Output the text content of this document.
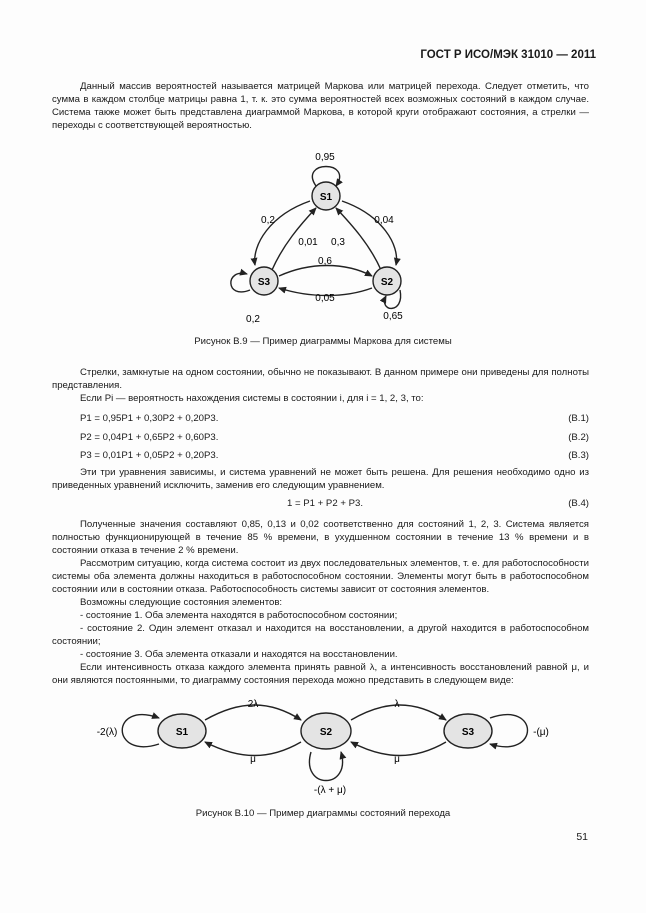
ГОСТ Р ИСО/МЭК 31010 — 2011
Данный массив вероятностей называется матрицей Маркова или матрицей перехода. Следует отметить, что сумма в каждом столбце матрицы равна 1, т. к. это сумма вероятностей всех возможных состояний в каждом случае. Система также может быть представлена диаграммой Маркова, в которой круги отображают состояния, а стрелки — переходы с соответствующей вероятностью.
S1
S2
S3
0,95
0,2	0,04
0,01 0,3
0,6
0,05
0,2	0,65
Рисунок В.9 — Пример диаграммы Маркова для системы
Стрелки, замкнутые на одном состоянии, обычно не показывают. В данном примере они приведены для полноты представления.
Если Pi — вероятность нахождения системы в состоянии i, для i = 1, 2, 3, то:
P1 = 0,95P1 + 0,30P2 + 0,20P3.	(В.1)
P2 = 0,04P1 + 0,65P2 + 0,60P3.	(В.2)
P3 = 0,01P1 + 0,05P2 + 0,20P3.	(В.3)
Эти три уравнения зависимы, и система уравнений не может быть решена. Для решения необходимо одно из приведенных уравнений исключить, заменив его следующим уравнением.
1 = P1 + P2 + P3.	(В.4)
Полученные значения составляют 0,85, 0,13 и 0,02 соответственно для состояний 1, 2, 3. Система является полностью функционирующей в течение 85 % времени, в ухудшенном состоянии в течение 13 % времени и в состоянии отказа в течение 2 % времени.
Рассмотрим ситуацию, когда система состоит из двух последовательных элементов, т. е. для работоспособности системы оба элемента должны находиться в работоспособном состоянии. Элементы могут быть в работоспособном состоянии или в состоянии отказа. Работоспособность системы зависит от состояния элементов.
Возможны следующие состояния элементов:
- состояние 1. Оба элемента находятся в работоспособном состоянии;
- состояние 2. Один элемент отказал и находится на восстановлении, а другой находится в работоспособном состоянии;
- состояние 3. Оба элемента отказали и находятся на восстановлении.
Если интенсивность отказа каждого элемента принять равной λ, а интенсивность восстановлений равной μ, и они являются постоянными, то диаграмму состояния перехода можно представить в следующем виде:
S1	S2	S3
-2(λ)
2λ
μ
λ
μ
-(λ + μ)
-(μ)
Рисунок В.10 — Пример диаграммы состояний перехода
51
